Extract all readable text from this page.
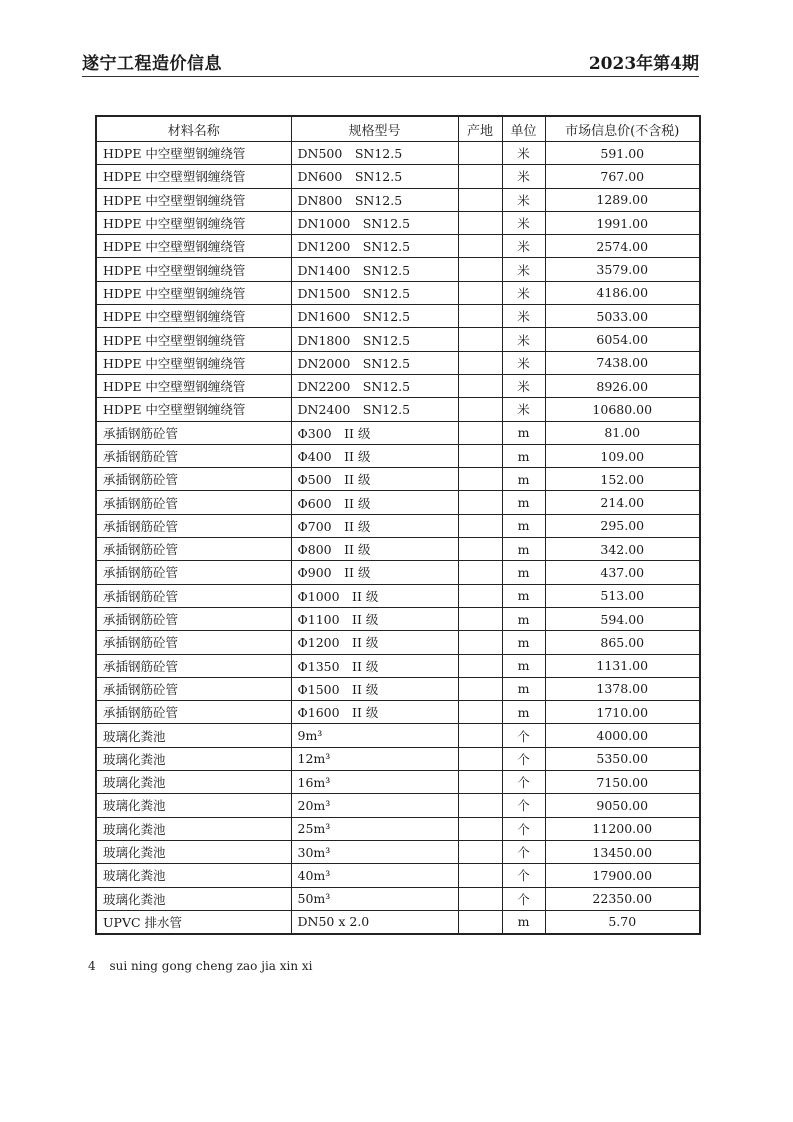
遂宁工程造价信息	2023年第4期
材料名称	规格型号	产地	单位	市场信息价(不含税)
HDPE 中空壁塑钢缠绕管	DN500　SN12.5		米	591.00
HDPE 中空壁塑钢缠绕管	DN600　SN12.5		米	767.00
HDPE 中空壁塑钢缠绕管	DN800　SN12.5		米	1289.00
HDPE 中空壁塑钢缠绕管	DN1000　SN12.5		米	1991.00
HDPE 中空壁塑钢缠绕管	DN1200　SN12.5		米	2574.00
HDPE 中空壁塑钢缠绕管	DN1400　SN12.5		米	3579.00
HDPE 中空壁塑钢缠绕管	DN1500　SN12.5		米	4186.00
HDPE 中空壁塑钢缠绕管	DN1600　SN12.5		米	5033.00
HDPE 中空壁塑钢缠绕管	DN1800　SN12.5		米	6054.00
HDPE 中空壁塑钢缠绕管	DN2000　SN12.5		米	7438.00
HDPE 中空壁塑钢缠绕管	DN2200　SN12.5		米	8926.00
HDPE 中空壁塑钢缠绕管	DN2400　SN12.5		米	10680.00
承插钢筋砼管	Φ300　II 级		m	81.00
承插钢筋砼管	Φ400　II 级		m	109.00
承插钢筋砼管	Φ500　II 级		m	152.00
承插钢筋砼管	Φ600　II 级		m	214.00
承插钢筋砼管	Φ700　II 级		m	295.00
承插钢筋砼管	Φ800　II 级		m	342.00
承插钢筋砼管	Φ900　II 级		m	437.00
承插钢筋砼管	Φ1000　II 级		m	513.00
承插钢筋砼管	Φ1100　II 级		m	594.00
承插钢筋砼管	Φ1200　II 级		m	865.00
承插钢筋砼管	Φ1350　II 级		m	1131.00
承插钢筋砼管	Φ1500　II 级		m	1378.00
承插钢筋砼管	Φ1600　II 级		m	1710.00
玻璃化粪池	9m³		个	4000.00
玻璃化粪池	12m³		个	5350.00
玻璃化粪池	16m³		个	7150.00
玻璃化粪池	20m³		个	9050.00
玻璃化粪池	25m³		个	11200.00
玻璃化粪池	30m³		个	13450.00
玻璃化粪池	40m³		个	17900.00
玻璃化粪池	50m³		个	22350.00
UPVC 排水管	DN50 x 2.0		m	5.70
4 sui ning gong cheng zao jia xin xi
